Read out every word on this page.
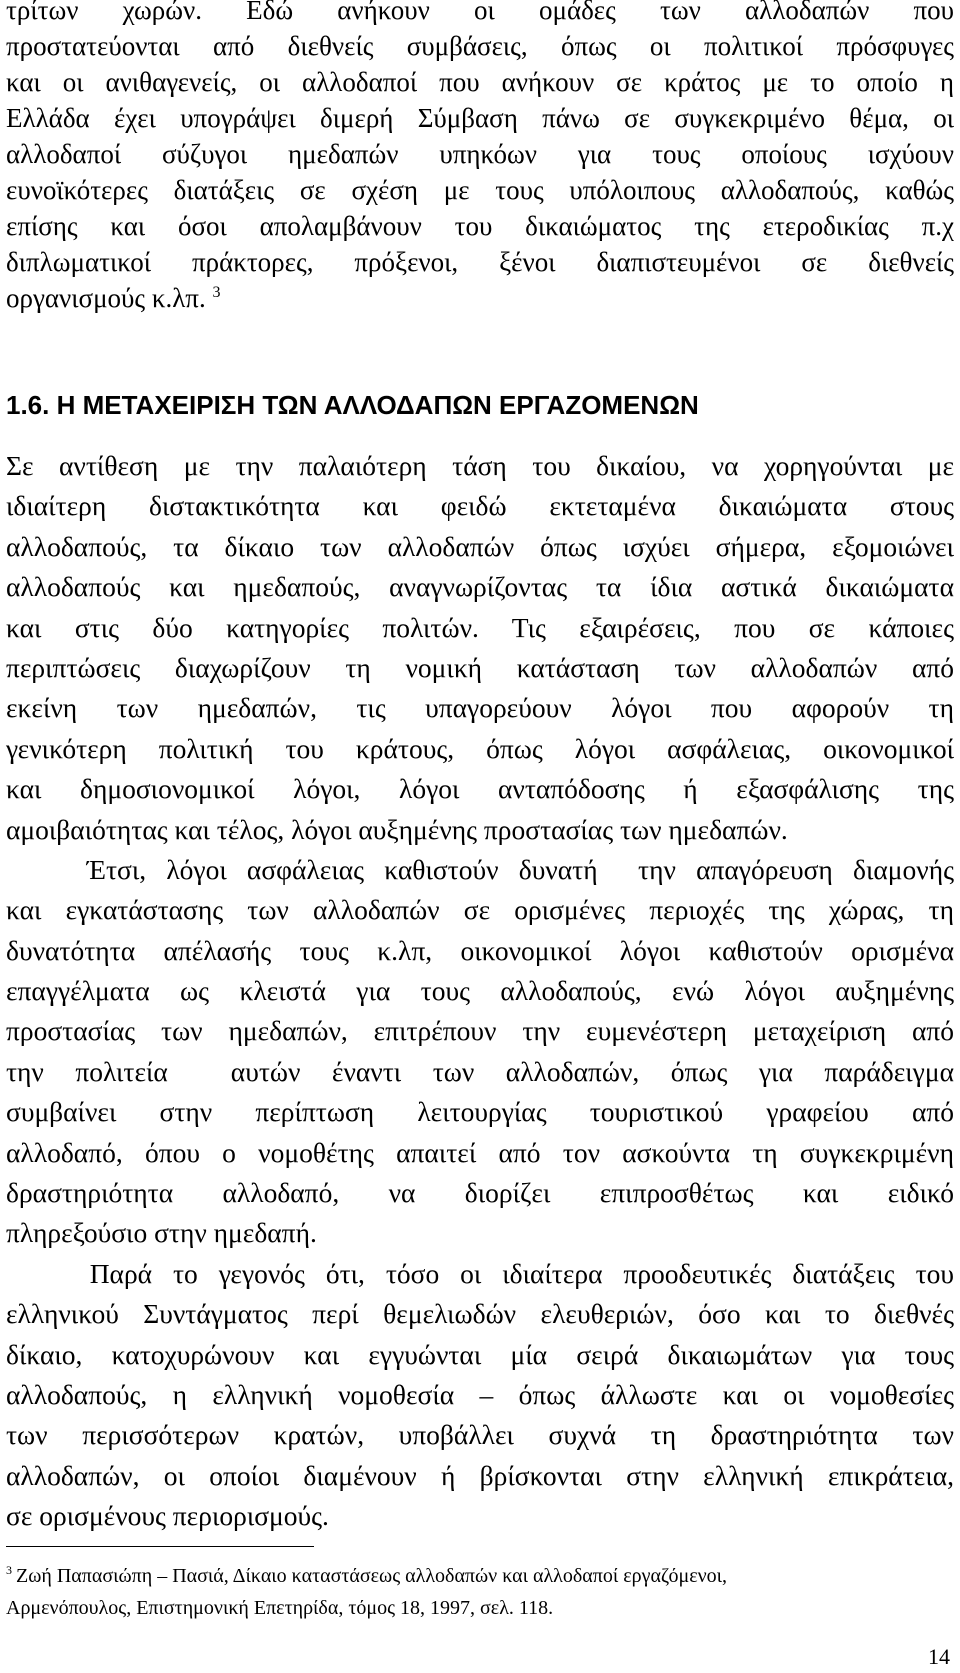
τρίτων χωρών. Εδώ ανήκουν οι ομάδες των αλλοδαπών που
προστατεύονται από διεθνείς συμβάσεις, όπως οι πολιτικοί πρόσφυγες
και οι ανιθαγενείς, οι αλλοδαποί που ανήκουν σε κράτος με το οποίο η
Ελλάδα έχει υπογράψει διμερή Σύμβαση πάνω σε συγκεκριμένο θέμα, οι
αλλοδαποί σύζυγοι ημεδαπών υπηκόων για τους οποίους ισχύουν
ευνοϊκότερες διατάξεις σε σχέση με τους υπόλοιπους αλλοδαπούς, καθώς
επίσης και όσοι απολαμβάνουν του δικαιώματος της ετεροδικίας π.χ
διπλωματικοί πράκτορες, πρόξενοι, ξένοι διαπιστευμένοι σε διεθνείς
οργανισμούς κ.λπ. $^3$
1.6. Η ΜΕΤΑΧΕΙΡΙΣΗ ΤΩΝ ΑΛΛΟΔΑΠΩΝ ΕΡΓΑΖΟΜΕΝΩΝ
Σε αντίθεση με την παλαιότερη τάση του δικαίου, να χορηγούνται με
ιδιαίτερη διστακτικότητα και φειδώ εκτεταμένα δικαιώματα στους
αλλοδαπούς, τα δίκαιο των αλλοδαπών όπως ισχύει σήμερα, εξομοιώνει
αλλοδαπούς και ημεδαπούς, αναγνωρίζοντας τα ίδια αστικά δικαιώματα
και στις δύο κατηγορίες πολιτών. Τις εξαιρέσεις, που σε κάποιες
περιπτώσεις διαχωρίζουν τη νομική κατάσταση των αλλοδαπών από
εκείνη των ημεδαπών, τις υπαγορεύουν λόγοι που αφορούν τη
γενικότερη πολιτική του κράτους, όπως λόγοι ασφάλειας, οικονομικοί
και δημοσιονομικοί λόγοι, λόγοι ανταπόδοσης ή εξασφάλισης της
αμοιβαιότητας και τέλος, λόγοι αυξημένης προστασίας των ημεδαπών.
Έτσι, λόγοι ασφάλειας καθιστούν δυνατή  την απαγόρευση διαμονής
και εγκατάστασης των αλλοδαπών σε ορισμένες περιοχές της χώρας, τη
δυνατότητα απέλασής τους κ.λπ, οικονομικοί λόγοι καθιστούν ορισμένα
επαγγέλματα ως κλειστά για τους αλλοδαπούς, ενώ λόγοι αυξημένης
προστασίας των ημεδαπών, επιτρέπουν την ευμενέστερη μεταχείριση από
την πολιτεία  αυτών έναντι των αλλοδαπών, όπως για παράδειγμα
συμβαίνει στην περίπτωση λειτουργίας τουριστικού γραφείου από
αλλοδαπό, όπου ο νομοθέτης απαιτεί από τον ασκούντα τη συγκεκριμένη
δραστηριότητα αλλοδαπό, να διορίζει επιπροσθέτως και ειδικό
πληρεξούσιο στην ημεδαπή.
Παρά το γεγονός ότι, τόσο οι ιδιαίτερα προοδευτικές διατάξεις του
ελληνικού Συντάγματος περί θεμελιωδών ελευθεριών, όσο και το διεθνές
δίκαιο, κατοχυρώνουν και εγγυώνται μία σειρά δικαιωμάτων για τους
αλλοδαπούς, η ελληνική νομοθεσία – όπως άλλωστε και οι νομοθεσίες
των περισσότερων κρατών, υποβάλλει συχνά τη δραστηριότητα των
αλλοδαπών, οι οποίοι διαμένουν ή βρίσκονται στην ελληνική επικράτεια,
σε ορισμένους περιορισμούς.
$^3$ Ζωή Παπασιώπη – Πασιά, Δίκαιο καταστάσεως αλλοδαπών και αλλοδαποί εργαζόμενοι,
Αρμενόπουλος, Επιστημονική Επετηρίδα, τόμος 18, 1997, σελ. 118.
14
